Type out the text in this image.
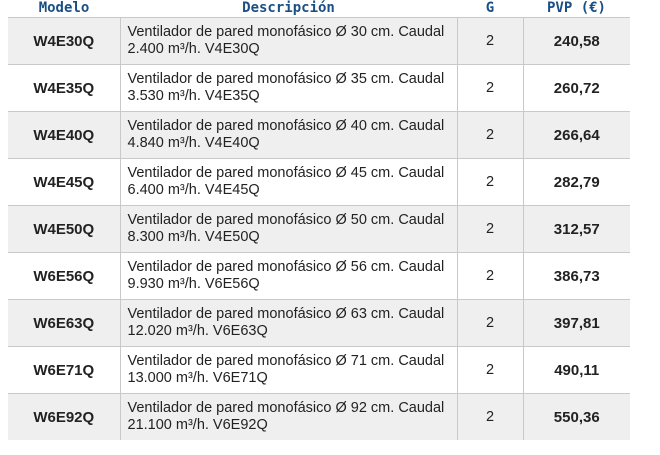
Modelo	Descripción	G	PVP (€)
W4E30Q	Ventilador de pared monofásico Ø 30 cm. Caudal
2.400 m³/h. V4E30Q	2	240,58
W4E35Q	Ventilador de pared monofásico Ø 35 cm. Caudal
3.530 m³/h. V4E35Q	2	260,72
W4E40Q	Ventilador de pared monofásico Ø 40 cm. Caudal
4.840 m³/h. V4E40Q	2	266,64
W4E45Q	Ventilador de pared monofásico Ø 45 cm. Caudal
6.400 m³/h. V4E45Q	2	282,79
W4E50Q	Ventilador de pared monofásico Ø 50 cm. Caudal
8.300 m³/h. V4E50Q	2	312,57
W6E56Q	Ventilador de pared monofásico Ø 56 cm. Caudal
9.930 m³/h. V6E56Q	2	386,73
W6E63Q	Ventilador de pared monofásico Ø 63 cm. Caudal
12.020 m³/h. V6E63Q	2	397,81
W6E71Q	Ventilador de pared monofásico Ø 71 cm. Caudal
13.000 m³/h. V6E71Q	2	490,11
W6E92Q	Ventilador de pared monofásico Ø 92 cm. Caudal
21.100 m³/h. V6E92Q	2	550,36
